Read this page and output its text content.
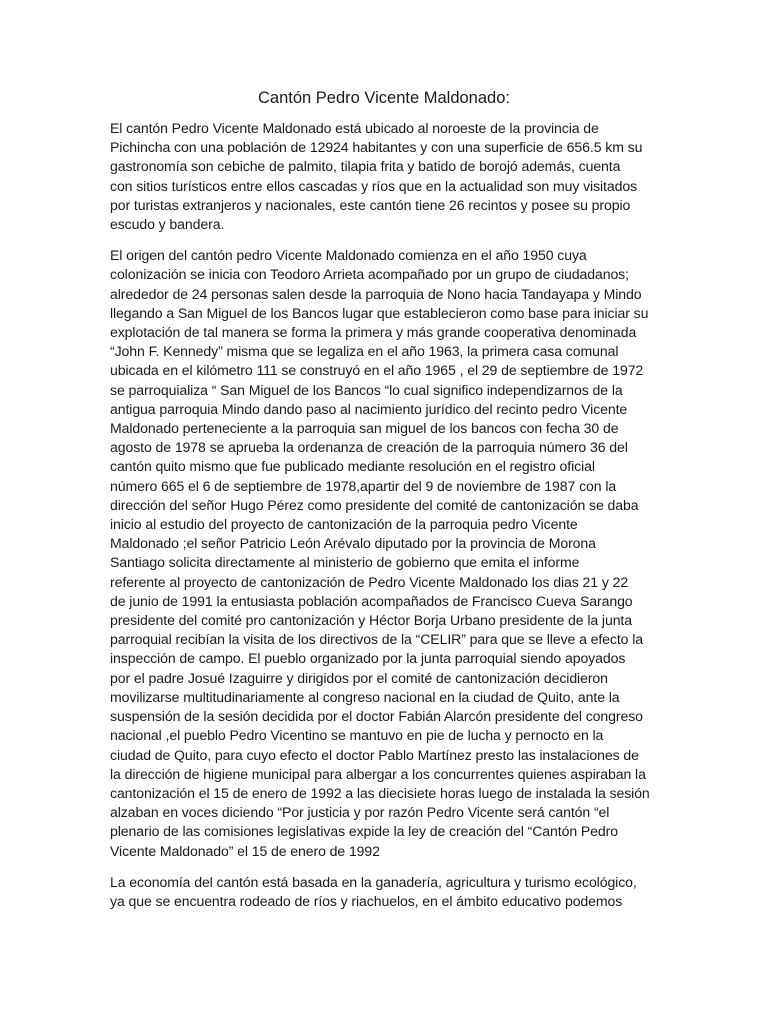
Cantón Pedro Vicente Maldonado:

El cantón Pedro Vicente Maldonado está ubicado al noroeste de la provincia de
Pichincha con una población de 12924 habitantes y con una superficie de 656.5 km su
gastronomía son cebiche de palmito, tilapia frita y batido de borojó además, cuenta
con sitios turísticos entre ellos cascadas y ríos que en la actualidad son muy visitados
por turistas extranjeros y nacionales, este cantón tiene 26 recintos y posee su propio
escudo y bandera.

El origen del cantón pedro Vicente Maldonado comienza en el año 1950 cuya
colonización se inicia con Teodoro Arrieta acompañado por un grupo de ciudadanos;
alrededor de 24 personas salen desde la parroquia de Nono hacia Tandayapa y Mindo
llegando a San Miguel de los Bancos lugar que establecieron como base para iniciar su
explotación de tal manera se forma la primera y más grande cooperativa denominada
“John F. Kennedy” misma que se legaliza en el año 1963, la primera casa comunal
ubicada en el kilómetro 111 se construyó en el año 1965 , el 29 de septiembre de 1972
se parroquializa “ San Miguel de los Bancos “lo cual significo independizarnos de la
antigua parroquia Mindo dando paso al nacimiento jurídico del recinto pedro Vicente
Maldonado perteneciente a la parroquia san miguel de los bancos con fecha 30 de
agosto de 1978 se aprueba la ordenanza de creación de la parroquia número 36 del
cantón quito mismo que fue publicado mediante resolución en el registro oficial
número 665 el 6 de septiembre de 1978,apartir del 9 de noviembre de 1987 con la
dirección del señor Hugo Pérez como presidente del comité de cantonización se daba
inicio al estudio del proyecto de cantonización de la parroquia pedro Vicente
Maldonado ;el señor Patricio León Arévalo diputado por la provincia de Morona
Santiago solicita directamente al ministerio de gobierno que emita el informe
referente al proyecto de cantonización de Pedro Vicente Maldonado los dias 21 y 22
de junio de 1991 la entusiasta población acompañados de Francisco Cueva Sarango
presidente del comité pro cantonización y Héctor Borja Urbano presidente de la junta
parroquial recibían la visita de los directivos de la “CELIR” para que se lleve a efecto la
inspección de campo. El pueblo organizado por la junta parroquial siendo apoyados
por el padre Josué Izaguirre y dirigidos por el comité de cantonización decidieron
movilizarse multitudinariamente al congreso nacional en la ciudad de Quito, ante la
suspensión de la sesión decidida por el doctor Fabián Alarcón presidente del congreso
nacional ,el pueblo Pedro Vicentino se mantuvo en pie de lucha y pernocto en la
ciudad de Quito, para cuyo efecto el doctor Pablo Martínez presto las instalaciones de
la dirección de higiene municipal para albergar a los concurrentes quienes aspiraban la
cantonización el 15 de enero de 1992 a las diecisiete horas luego de instalada la sesión
alzaban en voces diciendo “Por justicia y por razón Pedro Vicente será cantón “el
plenario de las comisiones legislativas expide la ley de creación del “Cantón Pedro
Vicente Maldonado” el 15 de enero de 1992

La economía del cantón está basada en la ganadería, agricultura y turismo ecológico,
ya que se encuentra rodeado de ríos y riachuelos, en el ámbito educativo podemos
